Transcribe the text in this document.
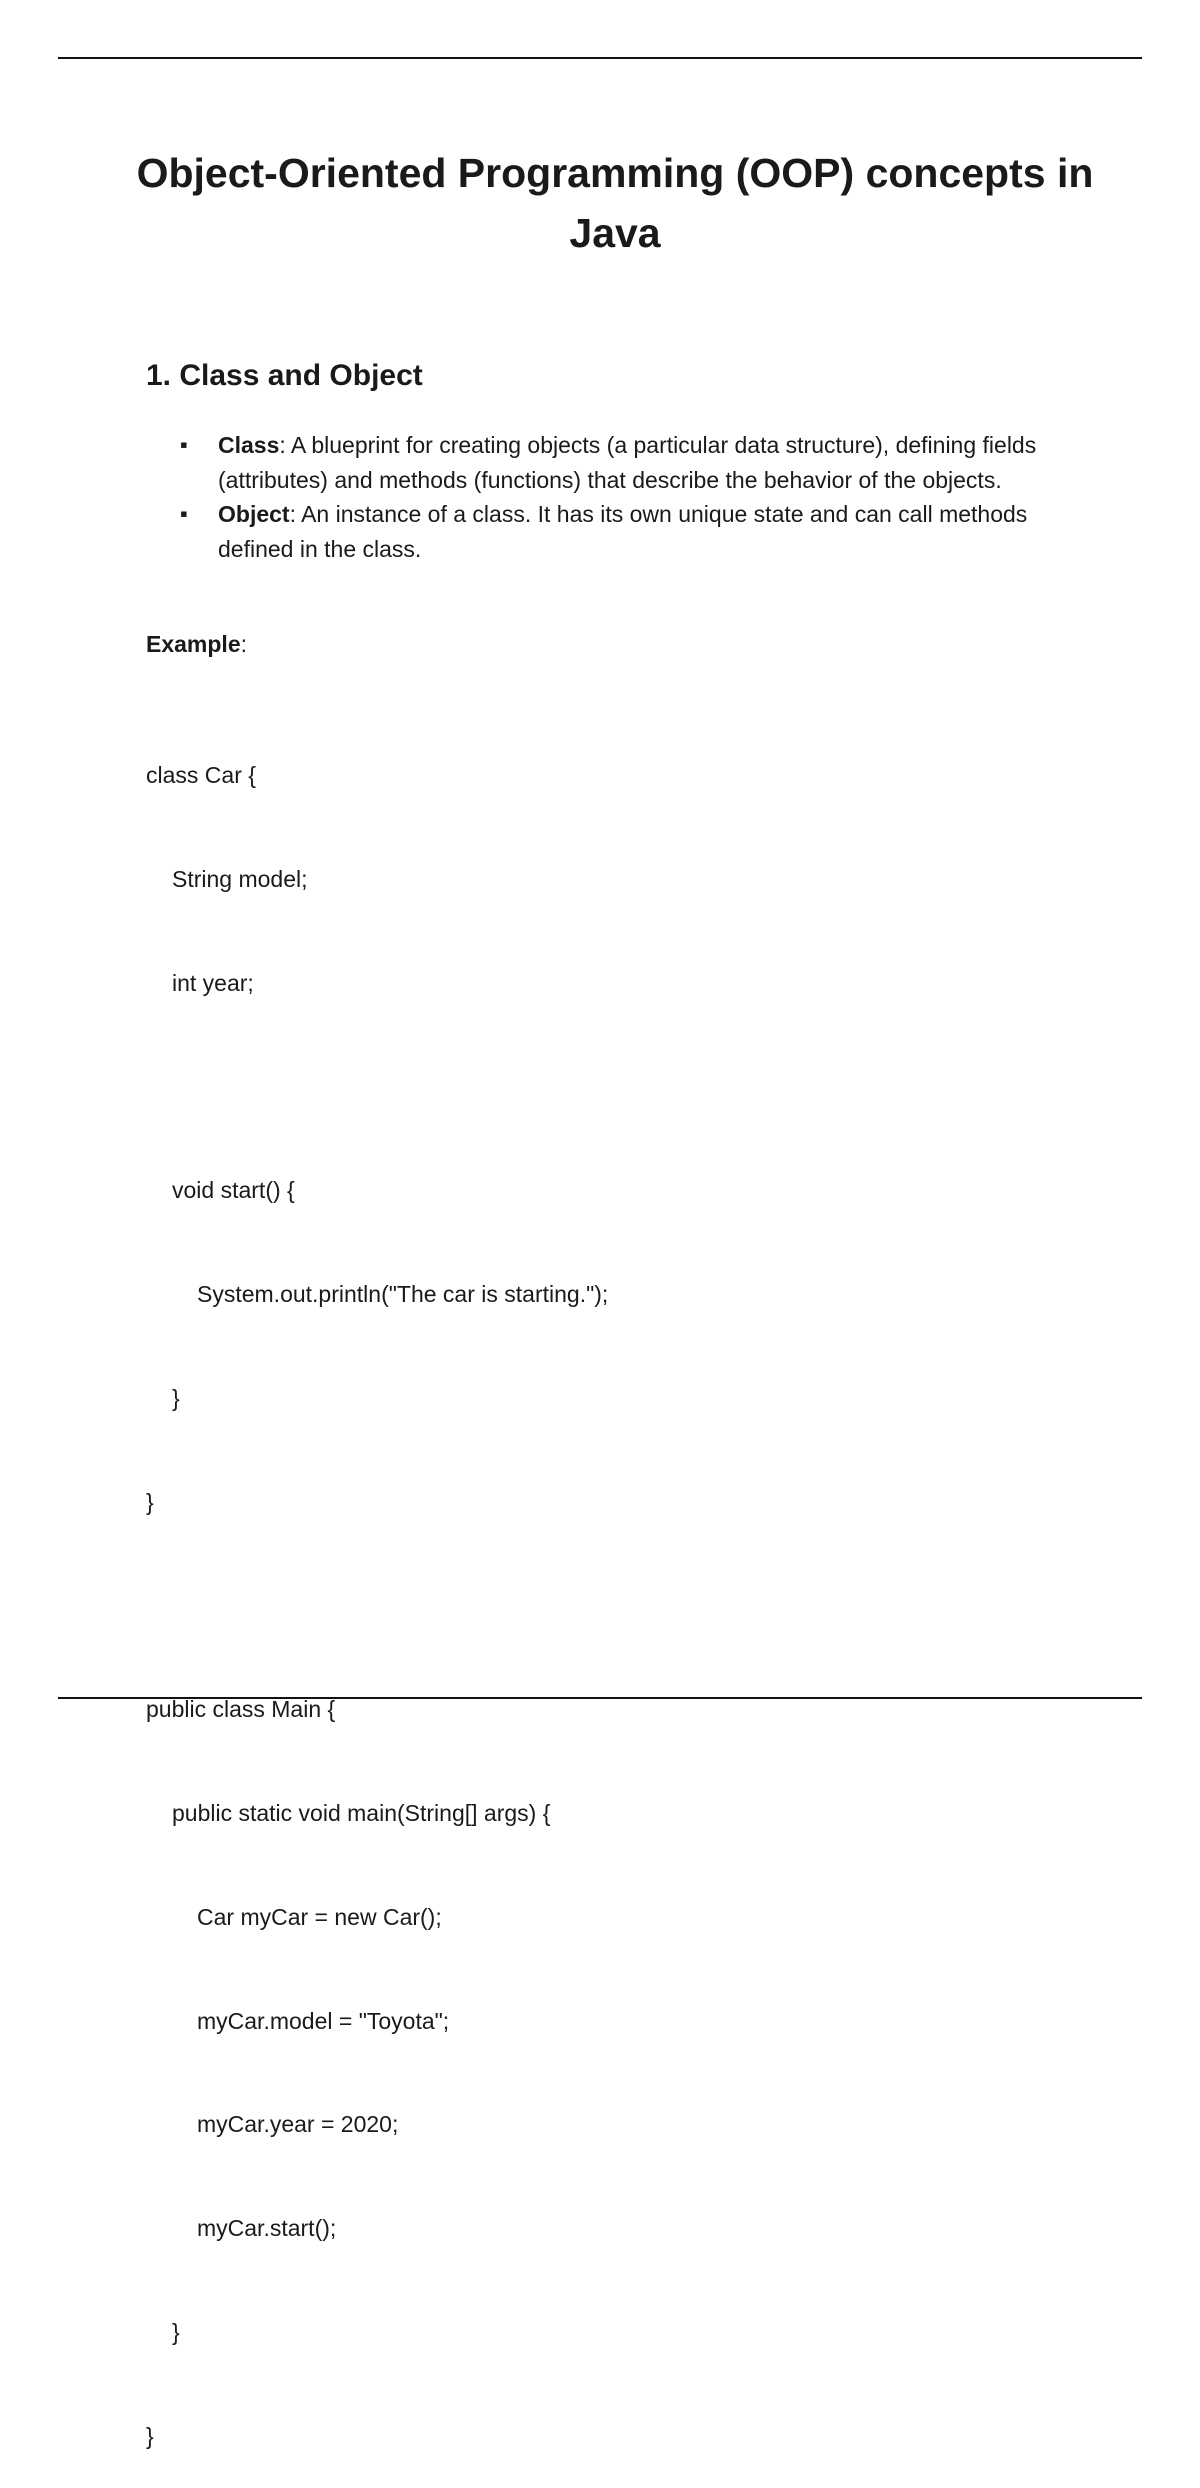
Object-Oriented Programming (OOP) concepts in Java
1. Class and Object
▪ Class: A blueprint for creating objects (a particular data structure), defining fields (attributes) and methods (functions) that describe the behavior of the objects.
▪ Object: An instance of a class. It has its own unique state and can call methods defined in the class.
Example:

class Car {

String model;

int year;

void start() {

System.out.println("The car is starting.");

}

}

public class Main {

public static void main(String[] args) {

Car myCar = new Car();

myCar.model = "Toyota";

myCar.year = 2020;

myCar.start();

}

}
